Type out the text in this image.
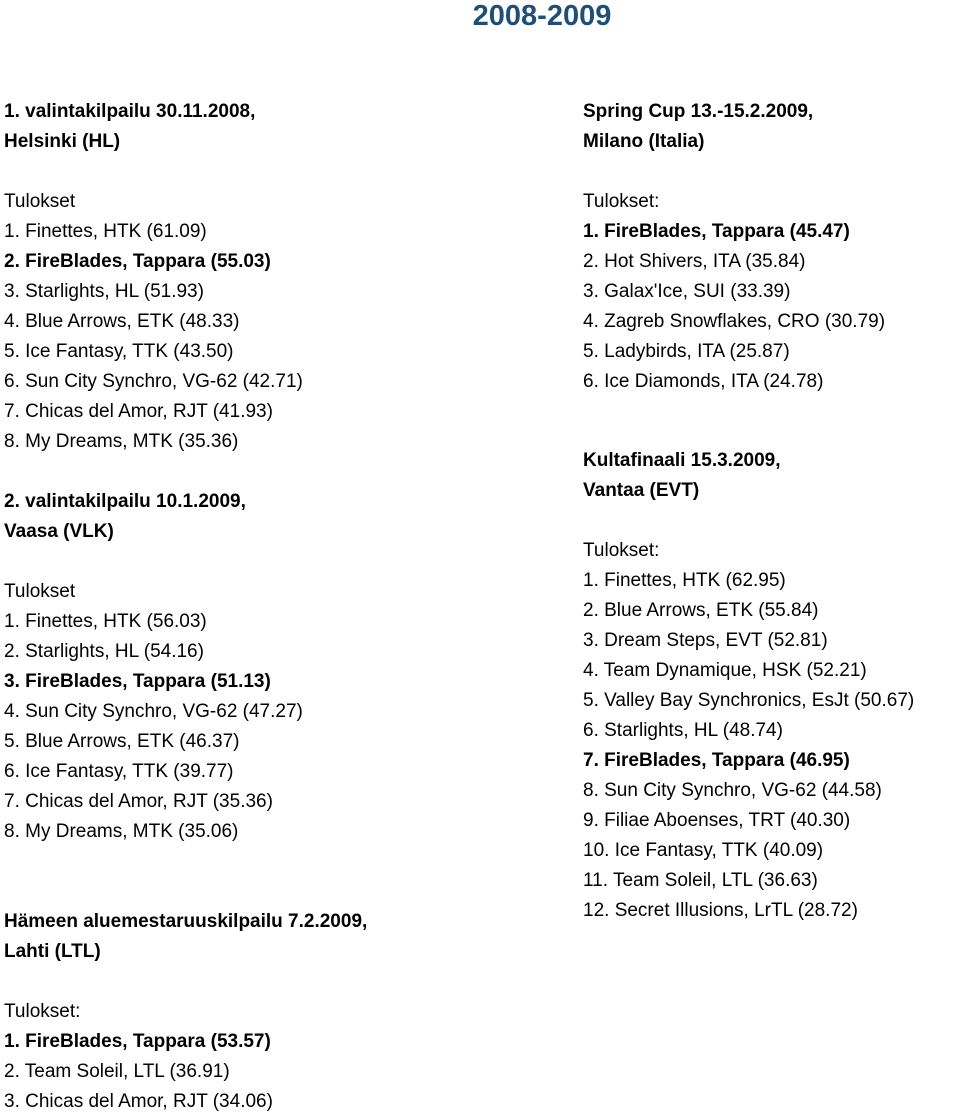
2008-2009
1. valintakilpailu 30.11.2008,
Helsinki (HL)
Tulokset
1. Finettes, HTK (61.09)
2. FireBlades, Tappara (55.03)
3. Starlights, HL (51.93)
4. Blue Arrows, ETK (48.33)
5. Ice Fantasy, TTK (43.50)
6. Sun City Synchro, VG-62 (42.71)
7. Chicas del Amor, RJT (41.93)
8. My Dreams, MTK (35.36)
2. valintakilpailu 10.1.2009,
Vaasa (VLK)
Tulokset
1. Finettes, HTK (56.03)
2. Starlights, HL (54.16)
3. FireBlades, Tappara (51.13)
4. Sun City Synchro, VG-62 (47.27)
5. Blue Arrows, ETK (46.37)
6. Ice Fantasy, TTK (39.77)
7. Chicas del Amor, RJT (35.36)
8. My Dreams, MTK (35.06)
Hämeen aluemestaruuskilpailu 7.2.2009,
Lahti (LTL)
Tulokset:
1. FireBlades, Tappara (53.57)
2. Team Soleil, LTL (36.91)
3. Chicas del Amor, RJT (34.06)
Spring Cup 13.-15.2.2009,
Milano (Italia)
Tulokset:
1. FireBlades, Tappara (45.47)
2. Hot Shivers, ITA (35.84)
3. Galax'Ice, SUI (33.39)
4. Zagreb Snowflakes, CRO (30.79)
5. Ladybirds, ITA (25.87)
6. Ice Diamonds, ITA (24.78)
Kultafinaali 15.3.2009,
Vantaa (EVT)
Tulokset:
1. Finettes, HTK (62.95)
2. Blue Arrows, ETK (55.84)
3. Dream Steps, EVT (52.81)
4. Team Dynamique, HSK (52.21)
5. Valley Bay Synchronics, EsJt (50.67)
6. Starlights, HL (48.74)
7. FireBlades, Tappara (46.95)
8. Sun City Synchro, VG-62 (44.58)
9. Filiae Aboenses, TRT (40.30)
10. Ice Fantasy, TTK (40.09)
11. Team Soleil, LTL (36.63)
12. Secret Illusions, LrTL (28.72)
